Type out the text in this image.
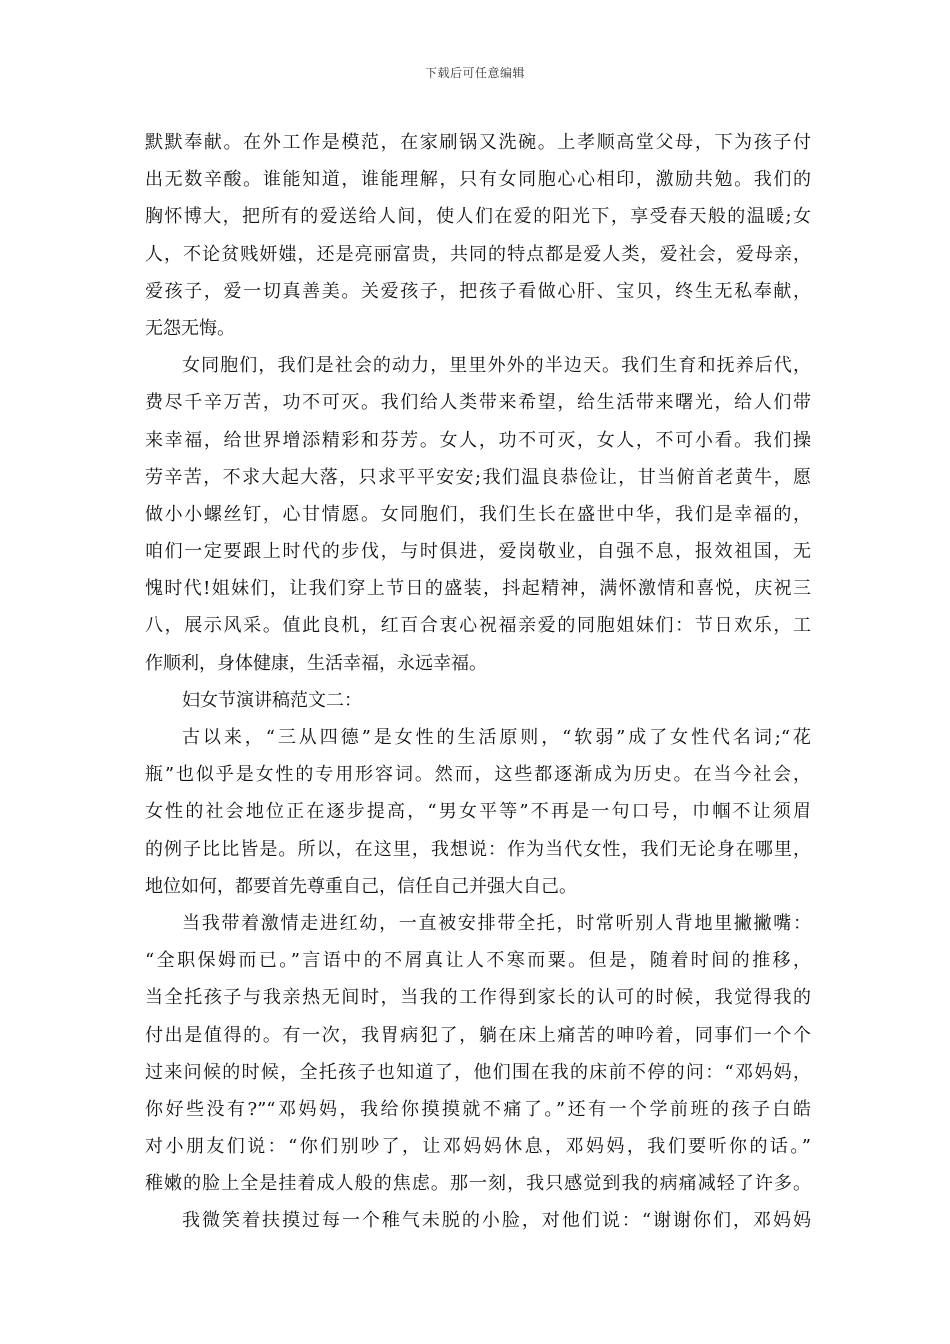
下载后可任意编辑
默默奉献。在外工作是模范，在家刷锅又洗碗。上孝顺高堂父母，下为孩子付
出无数辛酸。谁能知道，谁能理解，只有女同胞心心相印，激励共勉。我们的
胸怀博大，把所有的爱送给人间，使人们在爱的阳光下，享受春天般的温暖;女
人，不论贫贱妍媸，还是亮丽富贵，共同的特点都是爱人类，爱社会，爱母亲，
爱孩子，爱一切真善美。关爱孩子，把孩子看做心肝、宝贝，终生无私奉献，
无怨无悔。
女同胞们，我们是社会的动力，里里外外的半边天。我们生育和抚养后代，
费尽千辛万苦，功不可灭。我们给人类带来希望，给生活带来曙光，给人们带
来幸福，给世界增添精彩和芬芳。女人，功不可灭，女人，不可小看。我们操
劳辛苦，不求大起大落，只求平平安安;我们温良恭俭让，甘当俯首老黄牛，愿
做小小螺丝钉，心甘情愿。女同胞们，我们生长在盛世中华，我们是幸福的，
咱们一定要跟上时代的步伐，与时俱进，爱岗敬业，自强不息，报效祖国，无
愧时代!姐妹们，让我们穿上节日的盛装，抖起精神，满怀激情和喜悦，庆祝三
八，展示风采。值此良机，红百合衷心祝福亲爱的同胞姐妹们：节日欢乐，工
作顺利，身体健康，生活幸福，永远幸福。
妇女节演讲稿范文二：
古以来，“三从四德”是女性的生活原则，“软弱”成了女性代名词;“花
瓶”也似乎是女性的专用形容词。然而，这些都逐渐成为历史。在当今社会，
女性的社会地位正在逐步提高，“男女平等”不再是一句口号，巾帼不让须眉
的例子比比皆是。所以，在这里，我想说：作为当代女性，我们无论身在哪里，
地位如何，都要首先尊重自己，信任自己并强大自己。
当我带着激情走进红幼，一直被安排带全托，时常听别人背地里撇撇嘴：
“全职保姆而已。”言语中的不屑真让人不寒而粟。但是，随着时间的推移，
当全托孩子与我亲热无间时，当我的工作得到家长的认可的时候，我觉得我的
付出是值得的。有一次，我胃病犯了，躺在床上痛苦的呻吟着，同事们一个个
过来问候的时候，全托孩子也知道了，他们围在我的床前不停的问：“邓妈妈，
你好些没有?”“邓妈妈，我给你摸摸就不痛了。”还有一个学前班的孩子白皓
对小朋友们说：“你们别吵了，让邓妈妈休息，邓妈妈，我们要听你的话。”
稚嫩的脸上全是挂着成人般的焦虑。那一刻，我只感觉到我的病痛减轻了许多。
我微笑着扶摸过每一个稚气未脱的小脸，对他们说：“谢谢你们，邓妈妈
